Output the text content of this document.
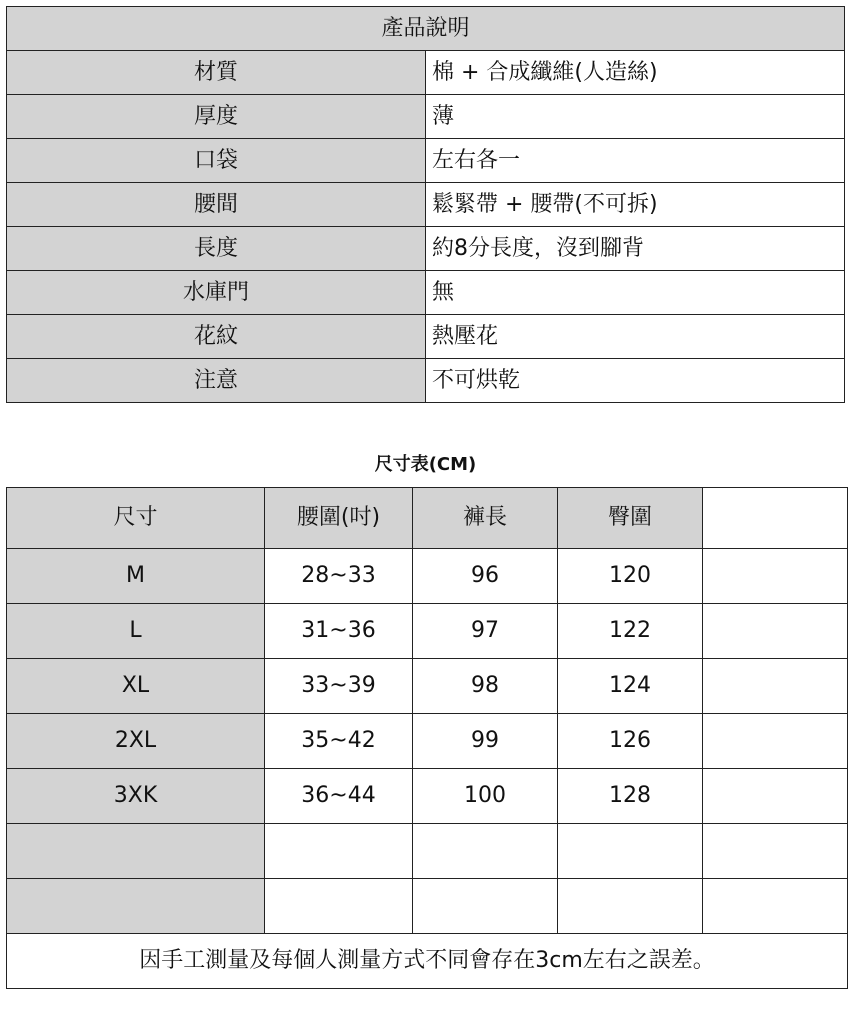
產品說明	
材質	棉 + 合成纖維(人造絲)
厚度	薄
口袋	左右各一
腰間	鬆緊帶 + 腰帶(不可拆)
長度	約8分長度，沒到腳背
水庫門	無
花紋	熱壓花
注意	不可烘乾
尺寸表(CM)
尺寸	腰圍(吋)	褲長	臀圍	
M	28~33	96	120	
L	31~36	97	122	
XL	33~39	98	124	
2XL	35~42	99	126	
3XK	36~44	100	128	

因手工測量及每個人測量方式不同會存在3cm左右之誤差。				
